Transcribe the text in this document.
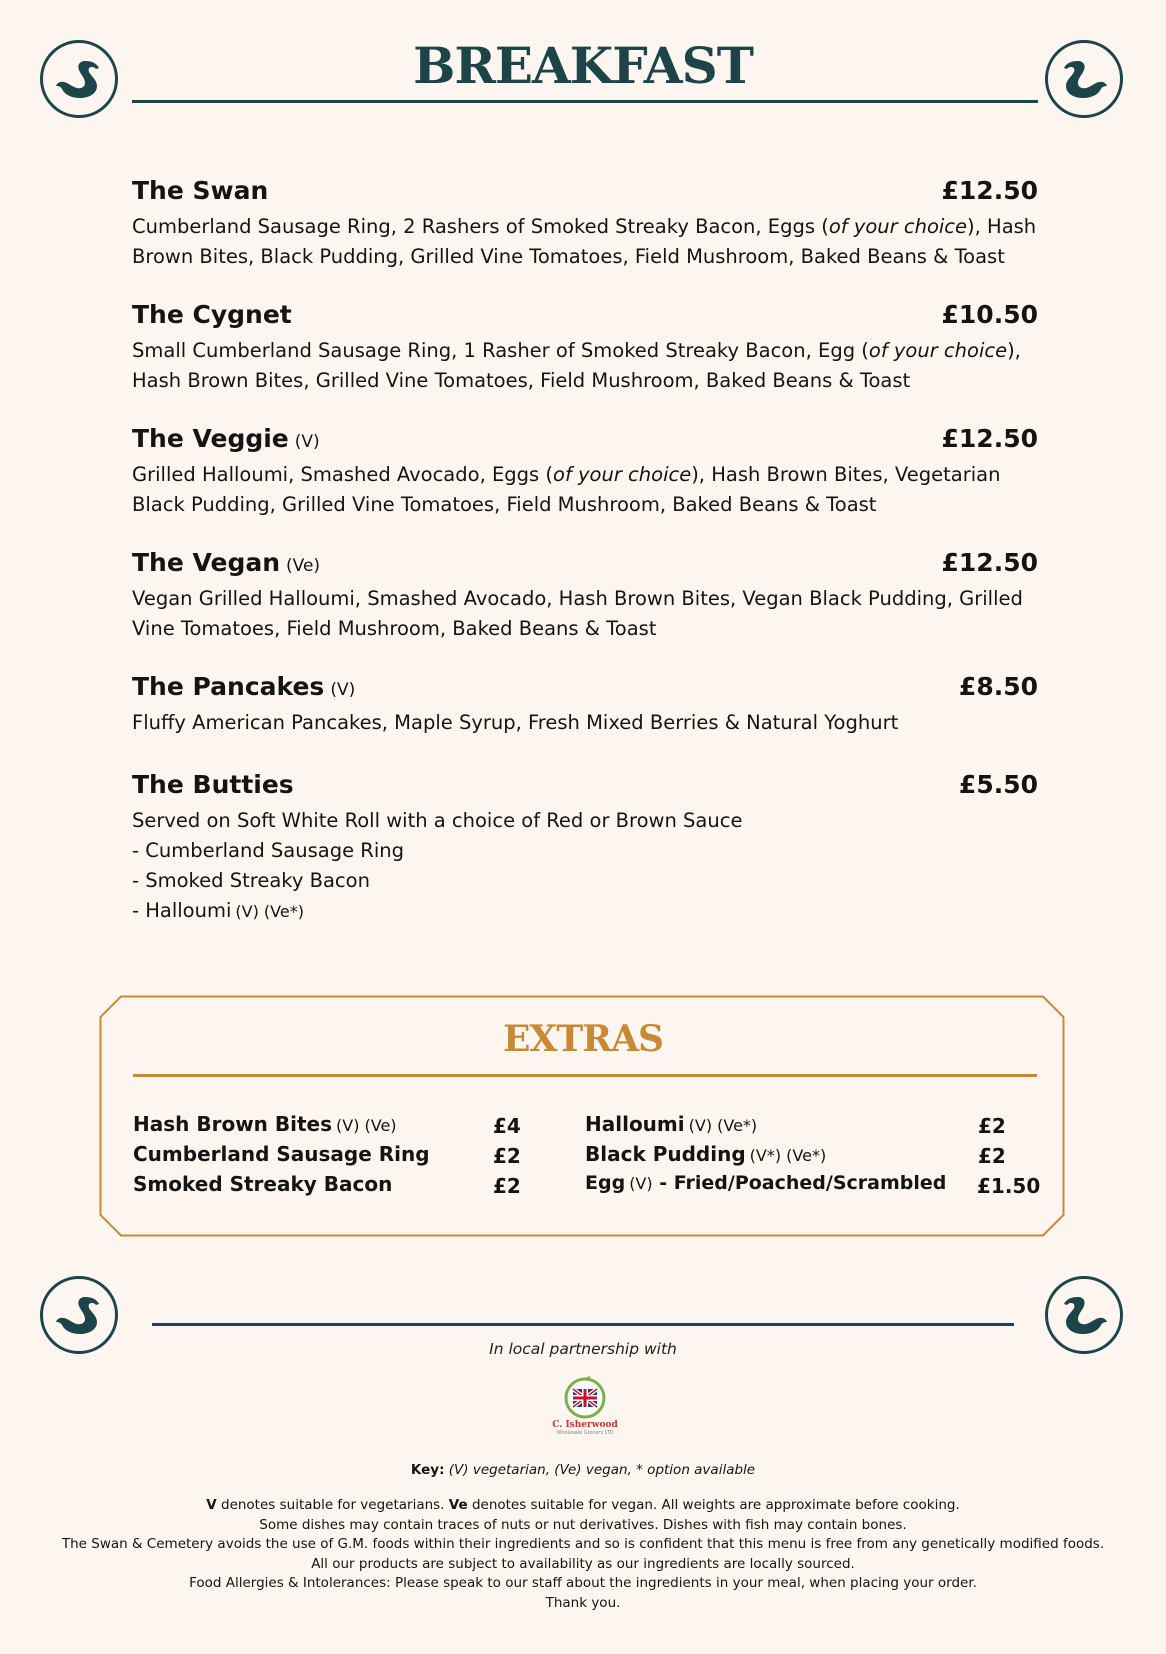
BREAKFAST
The Swan	£12.50

Cumberland Sausage Ring, 2 Rashers of Smoked Streaky Bacon, Eggs (of your choice), Hash Brown Bites, Black Pudding, Grilled Vine Tomatoes, Field Mushroom, Baked Beans & Toast

The Cygnet	£10.50

Small Cumberland Sausage Ring, 1 Rasher of Smoked Streaky Bacon, Egg (of your choice), Hash Brown Bites, Grilled Vine Tomatoes, Field Mushroom, Baked Beans & Toast

The Veggie (V)	£12.50

Grilled Halloumi, Smashed Avocado, Eggs (of your choice), Hash Brown Bites, Vegetarian Black Pudding, Grilled Vine Tomatoes, Field Mushroom, Baked Beans & Toast

The Vegan (Ve)	£12.50

Vegan Grilled Halloumi, Smashed Avocado, Hash Brown Bites, Vegan Black Pudding, Grilled Vine Tomatoes, Field Mushroom, Baked Beans & Toast

The Pancakes (V)	£8.50

Fluffy American Pancakes, Maple Syrup, Fresh Mixed Berries & Natural Yoghurt

The Butties	£5.50

Served on Soft White Roll with a choice of Red or Brown Sauce

- Cumberland Sausage Ring
- Smoked Streaky Bacon
- Halloumi (V) (Ve*)
EXTRAS
Hash Brown Bites (V) (Ve)	£4
Cumberland Sausage Ring	£2
Smoked Streaky Bacon	£2
Halloumi (V) (Ve*)	£2
Black Pudding (V*) (Ve*)	£2
Egg (V) - Fried/Poached/Scrambled £1.50
In local partnership with
C. Isherwood
Wholesale Grocers LTD
Key: (V) vegetarian, (Ve) vegan, * option available
V denotes suitable for vegetarians. Ve denotes suitable for vegan. All weights are approximate before cooking.
Some dishes may contain traces of nuts or nut derivatives. Dishes with fish may contain bones.
The Swan & Cemetery avoids the use of G.M. foods within their ingredients and so is confident that this menu is free from any genetically modified foods.
All our products are subject to availability as our ingredients are locally sourced.
Food Allergies & Intolerances: Please speak to our staff about the ingredients in your meal, when placing your order.
Thank you.
